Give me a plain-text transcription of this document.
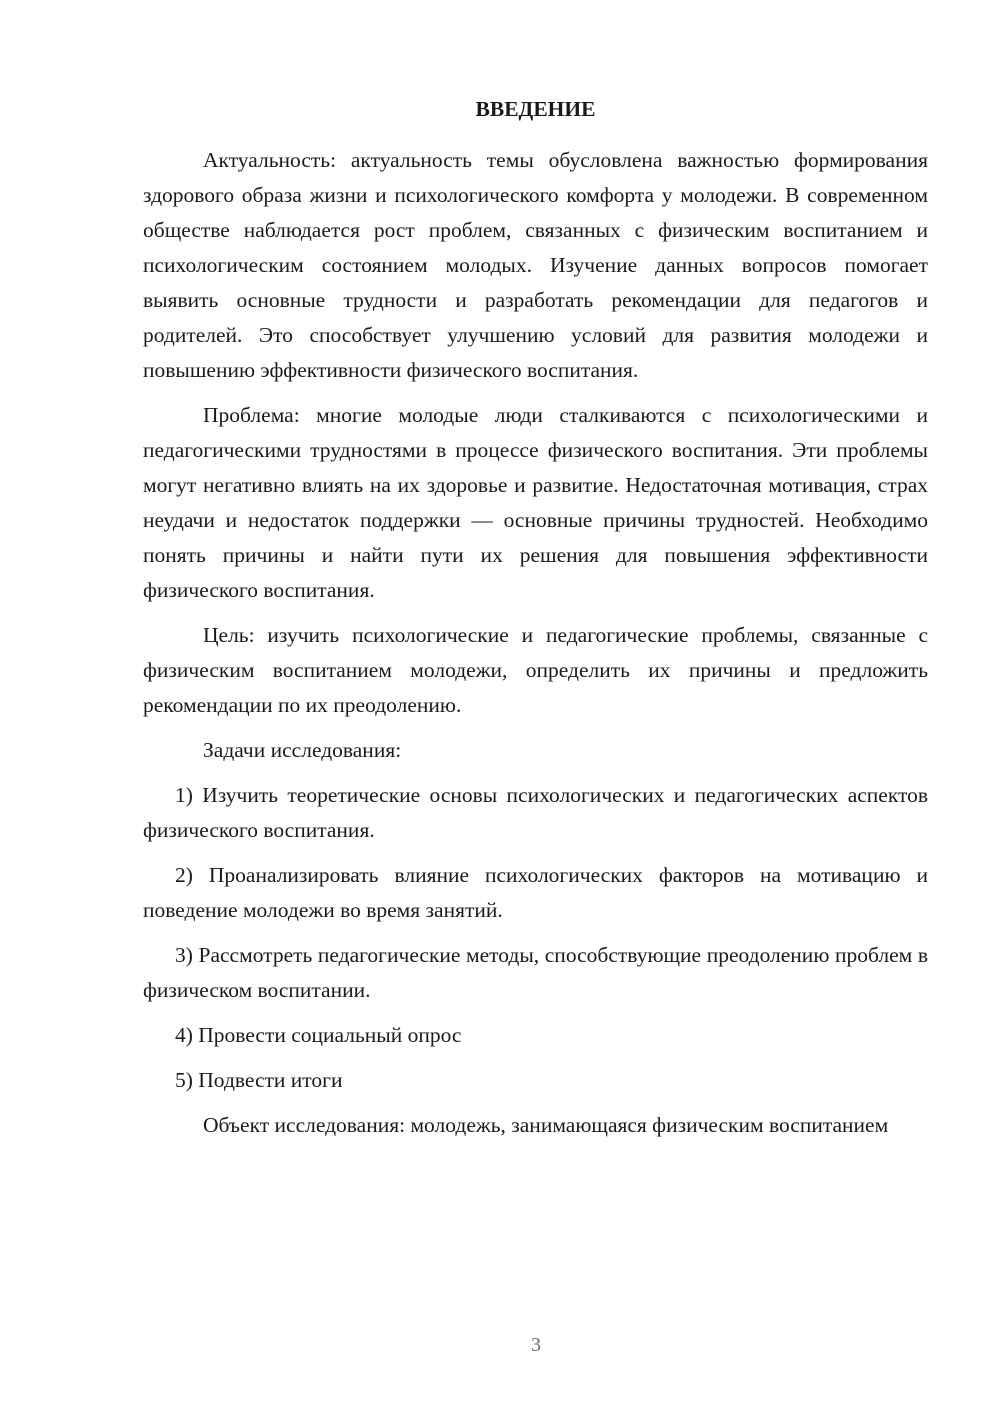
ВВЕДЕНИЕ
Актуальность: актуальность темы обусловлена важностью формирования здорового образа жизни и психологического комфорта у молодежи. В современном обществе наблюдается рост проблем, связанных с физическим воспитанием и психологическим состоянием молодых. Изучение данных вопросов помогает выявить основные трудности и разработать рекомендации для педагогов и родителей. Это способствует улучшению условий для развития молодежи и повышению эффективности физического воспитания.
Проблема: многие молодые люди сталкиваются с психологическими и педагогическими трудностями в процессе физического воспитания. Эти проблемы могут негативно влиять на их здоровье и развитие. Недостаточная мотивация, страх неудачи и недостаток поддержки — основные причины трудностей. Необходимо понять причины и найти пути их решения для повышения эффективности физического воспитания.
Цель: изучить психологические и педагогические проблемы, связанные с физическим воспитанием молодежи, определить их причины и предложить рекомендации по их преодолению.
Задачи исследования:
1) Изучить теоретические основы психологических и педагогических аспектов физического воспитания.
2) Проанализировать влияние психологических факторов на мотивацию и поведение молодежи во время занятий.
3) Рассмотреть педагогические методы, способствующие преодолению проблем в физическом воспитании.
4) Провести социальный опрос
5) Подвести итоги
Объект исследования: молодежь, занимающаяся физическим воспитанием
3
